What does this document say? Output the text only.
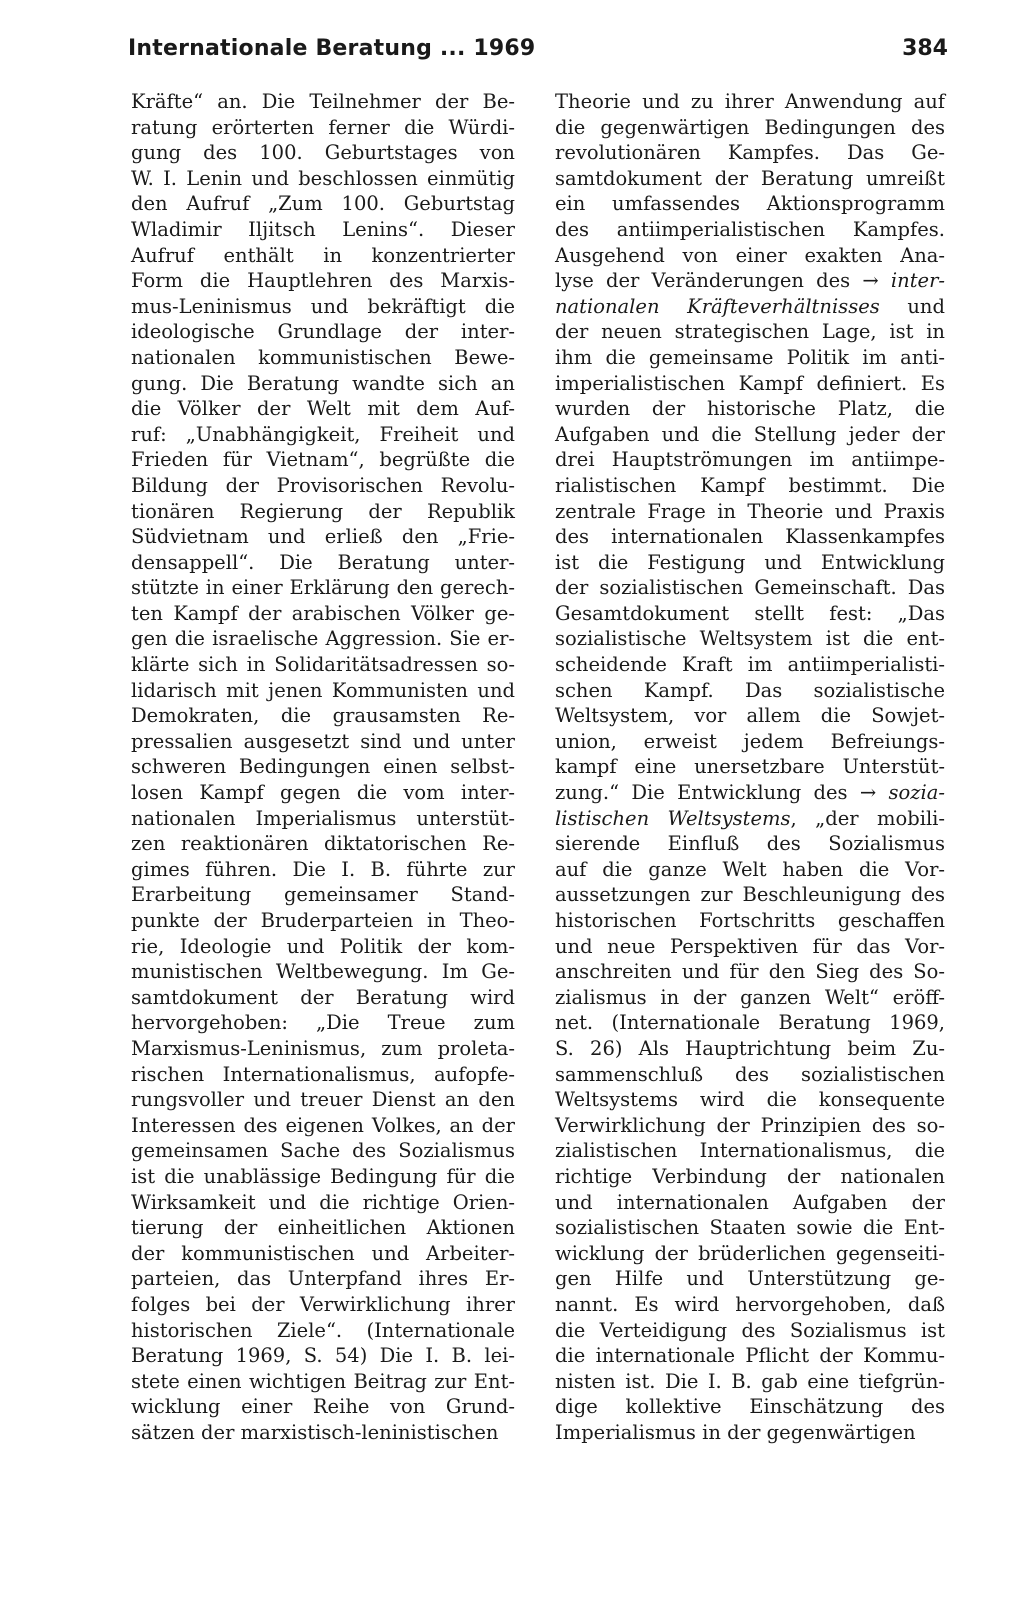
Internationale Beratung ... 1969	384
Kräfte“ an. Die Teilnehmer der Be-
ratung erörterten ferner die Würdi-
gung des 100. Geburtstages von
W. I. Lenin und beschlossen einmütig
den Aufruf „Zum 100. Geburtstag
Wladimir Iljitsch Lenins“. Dieser
Aufruf enthält in konzentrierter
Form die Hauptlehren des Marxis-
mus-Leninismus und bekräftigt die
ideologische Grundlage der inter-
nationalen kommunistischen Bewe-
gung. Die Beratung wandte sich an
die Völker der Welt mit dem Auf-
ruf: „Unabhängigkeit, Freiheit und
Frieden für Vietnam“, begrüßte die
Bildung der Provisorischen Revolu-
tionären Regierung der Republik
Südvietnam und erließ den „Frie-
densappell“. Die Beratung unter-
stützte in einer Erklärung den gerech-
ten Kampf der arabischen Völker ge-
gen die israelische Aggression. Sie er-
klärte sich in Solidaritätsadressen so-
lidarisch mit jenen Kommunisten und
Demokraten, die grausamsten Re-
pressalien ausgesetzt sind und unter
schweren Bedingungen einen selbst-
losen Kampf gegen die vom inter-
nationalen Imperialismus unterstüt-
zen reaktionären diktatorischen Re-
gimes führen. Die I. B. führte zur
Erarbeitung gemeinsamer Stand-
punkte der Bruderparteien in Theo-
rie, Ideologie und Politik der kom-
munistischen Weltbewegung. Im Ge-
samtdokument der Beratung wird
hervorgehoben: „Die Treue zum
Marxismus-Leninismus, zum proleta-
rischen Internationalismus, aufopfe-
rungsvoller und treuer Dienst an den
Interessen des eigenen Volkes, an der
gemeinsamen Sache des Sozialismus
ist die unablässige Bedingung für die
Wirksamkeit und die richtige Orien-
tierung der einheitlichen Aktionen
der kommunistischen und Arbeiter-
parteien, das Unterpfand ihres Er-
folges bei der Verwirklichung ihrer
historischen Ziele“. (Internationale
Beratung 1969, S. 54) Die I. B. lei-
stete einen wichtigen Beitrag zur Ent-
wicklung einer Reihe von Grund-
sätzen der marxistisch-leninistischen
Theorie und zu ihrer Anwendung auf
die gegenwärtigen Bedingungen des
revolutionären Kampfes. Das Ge-
samtdokument der Beratung umreißt
ein umfassendes Aktionsprogramm
des antiimperialistischen Kampfes.
Ausgehend von einer exakten Ana-
lyse der Veränderungen des → inter-
nationalen Kräfteverhältnisses und
der neuen strategischen Lage, ist in
ihm die gemeinsame Politik im anti-
imperialistischen Kampf definiert. Es
wurden der historische Platz, die
Aufgaben und die Stellung jeder der
drei Hauptströmungen im antiimpe-
rialistischen Kampf bestimmt. Die
zentrale Frage in Theorie und Praxis
des internationalen Klassenkampfes
ist die Festigung und Entwicklung
der sozialistischen Gemeinschaft. Das
Gesamtdokument stellt fest: „Das
sozialistische Weltsystem ist die ent-
scheidende Kraft im antiimperialisti-
schen Kampf. Das sozialistische
Weltsystem, vor allem die Sowjet-
union, erweist jedem Befreiungs-
kampf eine unersetzbare Unterstüt-
zung.“ Die Entwicklung des → sozia-
listischen Weltsystems, „der mobili-
sierende Einfluß des Sozialismus
auf die ganze Welt haben die Vor-
aussetzungen zur Beschleunigung des
historischen Fortschritts geschaffen
und neue Perspektiven für das Vor-
anschreiten und für den Sieg des So-
zialismus in der ganzen Welt“ eröff-
net. (Internationale Beratung 1969,
S. 26) Als Hauptrichtung beim Zu-
sammenschluß des sozialistischen
Weltsystems wird die konsequente
Verwirklichung der Prinzipien des so-
zialistischen Internationalismus, die
richtige Verbindung der nationalen
und internationalen Aufgaben der
sozialistischen Staaten sowie die Ent-
wicklung der brüderlichen gegenseiti-
gen Hilfe und Unterstützung ge-
nannt. Es wird hervorgehoben, daß
die Verteidigung des Sozialismus ist
die internationale Pflicht der Kommu-
nisten ist. Die I. B. gab eine tiefgrün-
dige kollektive Einschätzung des
Imperialismus in der gegenwärtigen
